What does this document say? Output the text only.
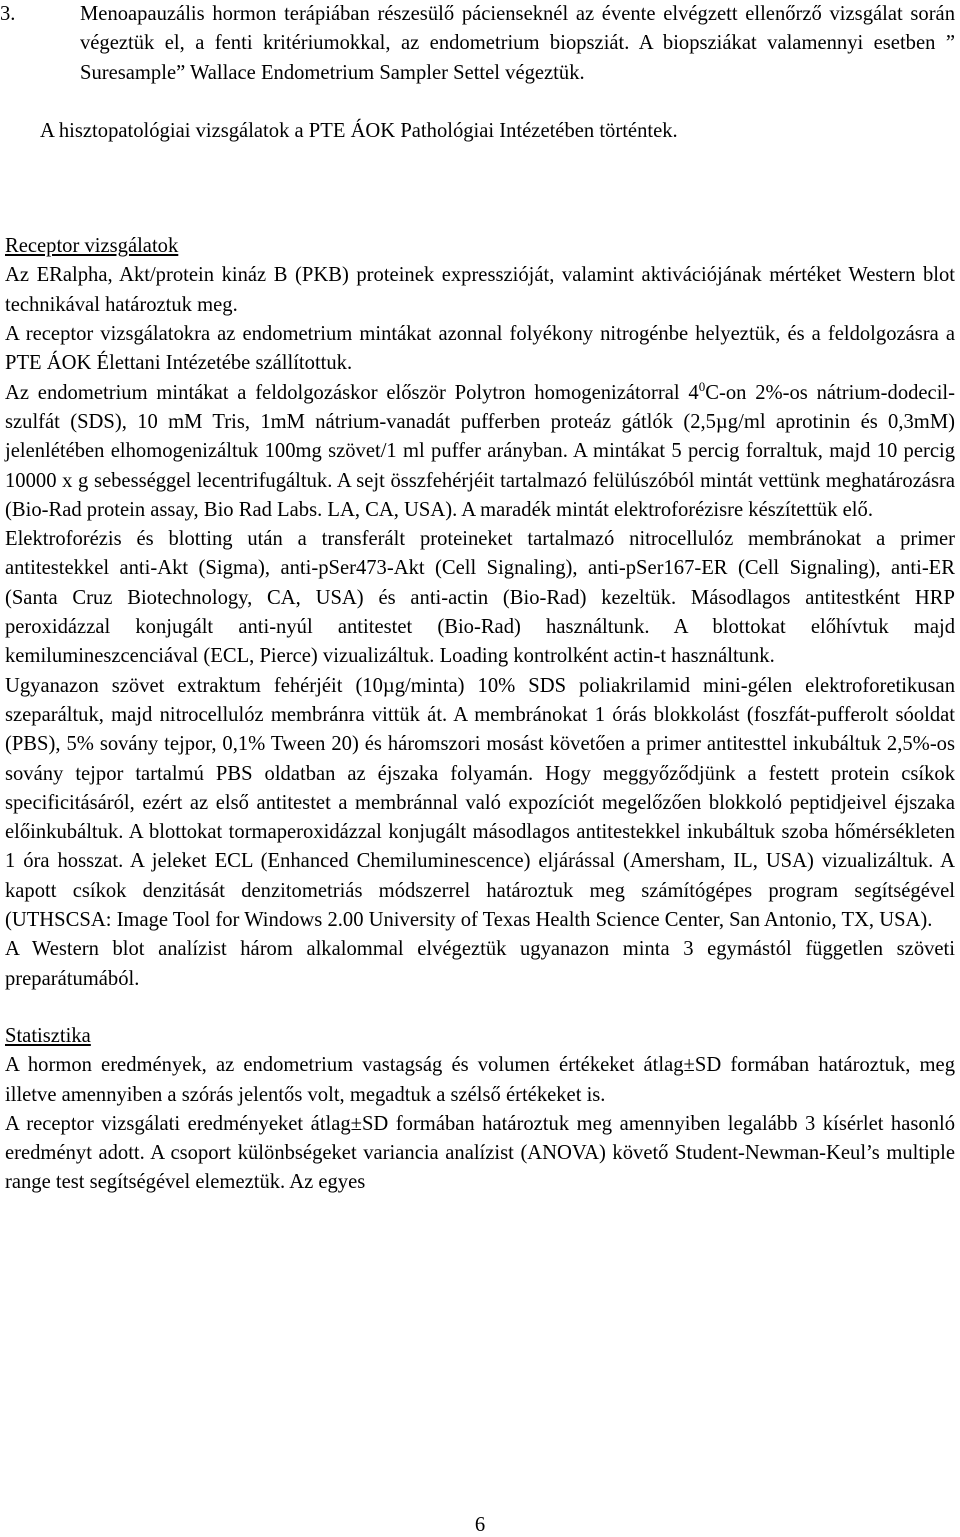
3.	Menoapauzális hormon terápiában részesülő pácienseknél az évente elvégzett ellenőrző vizsgálat során végeztük el, a fenti kritériumokkal, az endometrium biopsziát. A biopsziákat valamennyi esetben ” Suresample” Wallace Endometrium Sampler Settel végeztük.

A hisztopatológiai vizsgálatok a PTE ÁOK Pathológiai Intézetében történtek.

Receptor vizsgálatok

Az ERalpha, Akt/protein kináz B (PKB) proteinek expresszióját, valamint aktivációjának mértéket Western blot technikával határoztuk meg.

A receptor vizsgálatokra az endometrium mintákat azonnal folyékony nitrogénbe helyeztük, és a feldolgozásra a PTE ÁOK Élettani Intézetébe szállítottuk.

Az endometrium mintákat a feldolgozáskor először Polytron homogenizátorral $4^0C-on$ 2%-os nátrium-dodecil-szulfát (SDS), 10 mM Tris, 1mM nátrium-vanadát pufferben proteáz gátlók (2,5µg/ml aprotinin és 0,3mM) jelenlétében elhomogenizáltuk 100mg szövet/1 ml puffer arányban. A mintákat 5 percig forraltuk, majd 10 percig 10000 x g sebességgel lecentrifugáltuk. A sejt összfehérjéit tartalmazó felülúszóból mintát vettünk meghatározásra (Bio-Rad protein assay, Bio Rad Labs. LA, CA, USA). A maradék mintát elektroforézisre készítettük elő.

Elektroforézis és blotting után a transferált proteineket tartalmazó nitrocellulóz membránokat a primer antitestekkel anti-Akt (Sigma), anti-pSer473-Akt (Cell Signaling), anti-pSer167-ER (Cell Signaling), anti-ER (Santa Cruz Biotechnology, CA, USA) és anti-actin (Bio-Rad) kezeltük. Másodlagos antitestként HRP peroxidázzal konjugált anti-nyúl antitestet (Bio-Rad) használtunk. A blottokat előhívtuk majd kemilumineszcenciával (ECL, Pierce) vizualizáltuk. Loading kontrolként actin-t használtunk.

Ugyanazon szövet extraktum fehérjéit (10µg/minta) 10% SDS poliakrilamid mini-gélen elektroforetikusan szeparáltuk, majd nitrocellulóz membránra vittük át. A membránokat 1 órás blokkolást (foszfát-pufferolt sóoldat (PBS), 5% sovány tejpor, 0,1% Tween 20) és háromszori mosást követően a primer antitesttel inkubáltuk 2,5%-os sovány tejpor tartalmú PBS oldatban az éjszaka folyamán. Hogy meggyőződjünk a festett protein csíkok specificitásáról, ezért az első antitestet a membránnal való expozíciót megelőzően blokkoló peptidjeivel éjszaka előinkubáltuk. A blottokat tormaperoxidázzal konjugált másodlagos antitestekkel inkubáltuk szoba hőmérsékleten 1 óra hosszat. A jeleket ECL (Enhanced Chemiluminescence) eljárással (Amersham, IL, USA) vizualizáltuk. A kapott csíkok denzitását denzitometriás módszerrel határoztuk meg számítógépes program segítségével (UTHSCSA: Image Tool for Windows 2.00 University of Texas Health Science Center, San Antonio, TX, USA).

A Western blot analízist három alkalommal elvégeztük ugyanazon minta 3 egymástól független szöveti preparátumából.

Statisztika

A hormon eredmények, az endometrium vastagság és volumen értékeket átlag±SD formában határoztuk, meg illetve amennyiben a szórás jelentős volt, megadtuk a szélső értékeket is.

A receptor vizsgálati eredményeket átlag±SD formában határoztuk meg amennyiben legalább 3 kísérlet hasonló eredményt adott. A csoport különbségeket variancia analízist (ANOVA) követő Student-Newman-Keul’s multiple range test segítségével elemeztük. Az egyes

6
